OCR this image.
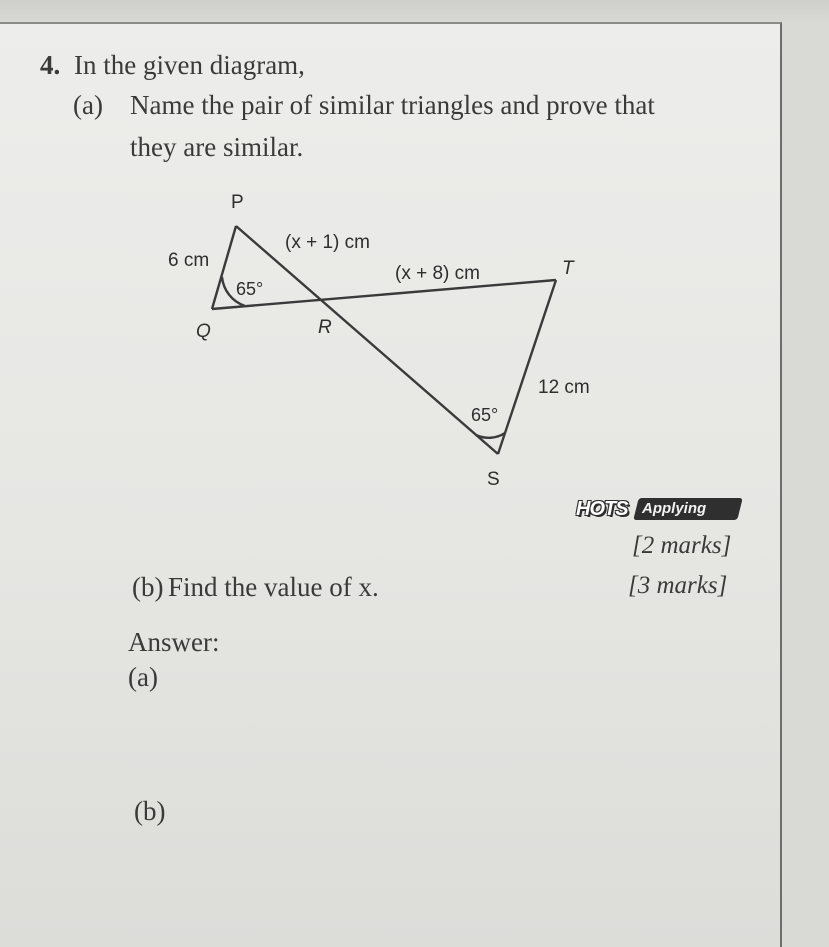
4. In the given diagram,
(a) Name the pair of similar triangles and prove that
they are similar.
P
Q	R
S
T
6 cm
(x + 1) cm
(x + 8) cm
12 cm
65°
65°
HOTS Applying
[2 marks]
(b) Find the value of x.	[3 marks]
Answer:
(a)
(b)
